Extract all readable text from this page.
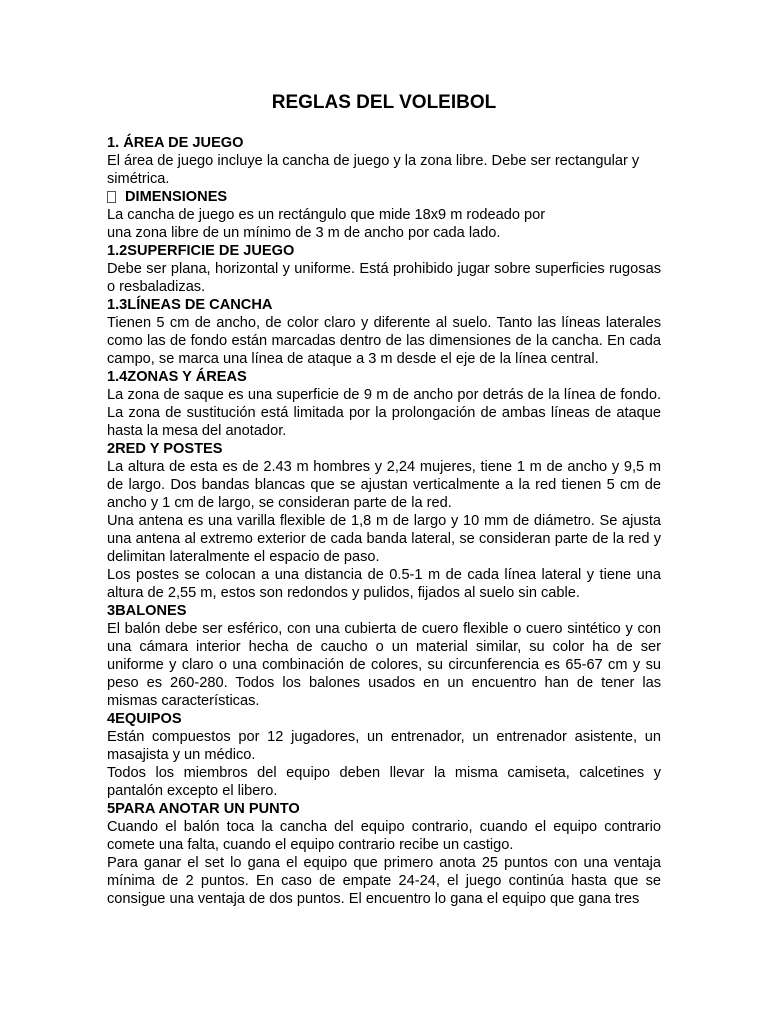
REGLAS DEL VOLEIBOL

1. ÁREA DE JUEGO

El área de juego incluye la cancha de juego y la zona libre. Debe ser rectangular y simétrica.

DIMENSIONES

La cancha de juego es un rectángulo que mide 18x9 m rodeado por

una zona libre de un mínimo de 3 m de ancho por cada lado.

1.2SUPERFICIE DE JUEGO

Debe ser plana, horizontal y uniforme. Está prohibido jugar sobre superficies rugosas o resbaladizas.

1.3LÍNEAS DE CANCHA

Tienen 5 cm de ancho, de color claro y diferente al suelo. Tanto las líneas laterales como las de fondo están marcadas dentro de las dimensiones de la cancha. En cada campo, se marca una línea de ataque a 3 m desde el eje de la línea central.

1.4ZONAS Y ÁREAS

La zona de saque es una superficie de 9 m de ancho por detrás de la línea de fondo. La zona de sustitución está limitada por la prolongación de ambas líneas de ataque hasta la mesa del anotador.

2RED Y POSTES

La altura de esta es de 2.43 m hombres y 2,24 mujeres, tiene 1 m de ancho y 9,5 m de largo. Dos bandas blancas que se ajustan verticalmente a la red tienen 5 cm de ancho y 1 cm de largo, se consideran parte de la red.

Una antena es una varilla flexible de 1,8 m de largo y 10 mm de diámetro. Se ajusta una antena al extremo exterior de cada banda lateral, se consideran parte de la red y delimitan lateralmente el espacio de paso.

Los postes se colocan a una distancia de 0.5-1 m de cada línea lateral y tiene una altura de 2,55 m, estos son redondos y pulidos, fijados al suelo sin cable.

3BALONES

El balón debe ser esférico, con una cubierta de cuero flexible o cuero sintético y con una cámara interior hecha de caucho o un material similar, su color ha de ser uniforme y claro o una combinación de colores, su circunferencia es 65-67 cm y su peso es 260-280. Todos los balones usados en un encuentro han de tener las mismas características.

4EQUIPOS

Están compuestos por 12 jugadores, un entrenador, un entrenador asistente, un masajista y un médico.

Todos los miembros del equipo deben llevar la misma camiseta, calcetines y pantalón excepto el libero.

5PARA ANOTAR UN PUNTO

Cuando el balón toca la cancha del equipo contrario, cuando el equipo contrario comete una falta, cuando el equipo contrario recibe un castigo.

Para ganar el set lo gana el equipo que primero anota 25 puntos con una ventaja mínima de 2 puntos. En caso de empate 24-24, el juego continúa hasta que se consigue una ventaja de dos puntos. El encuentro lo gana el equipo que gana tres
